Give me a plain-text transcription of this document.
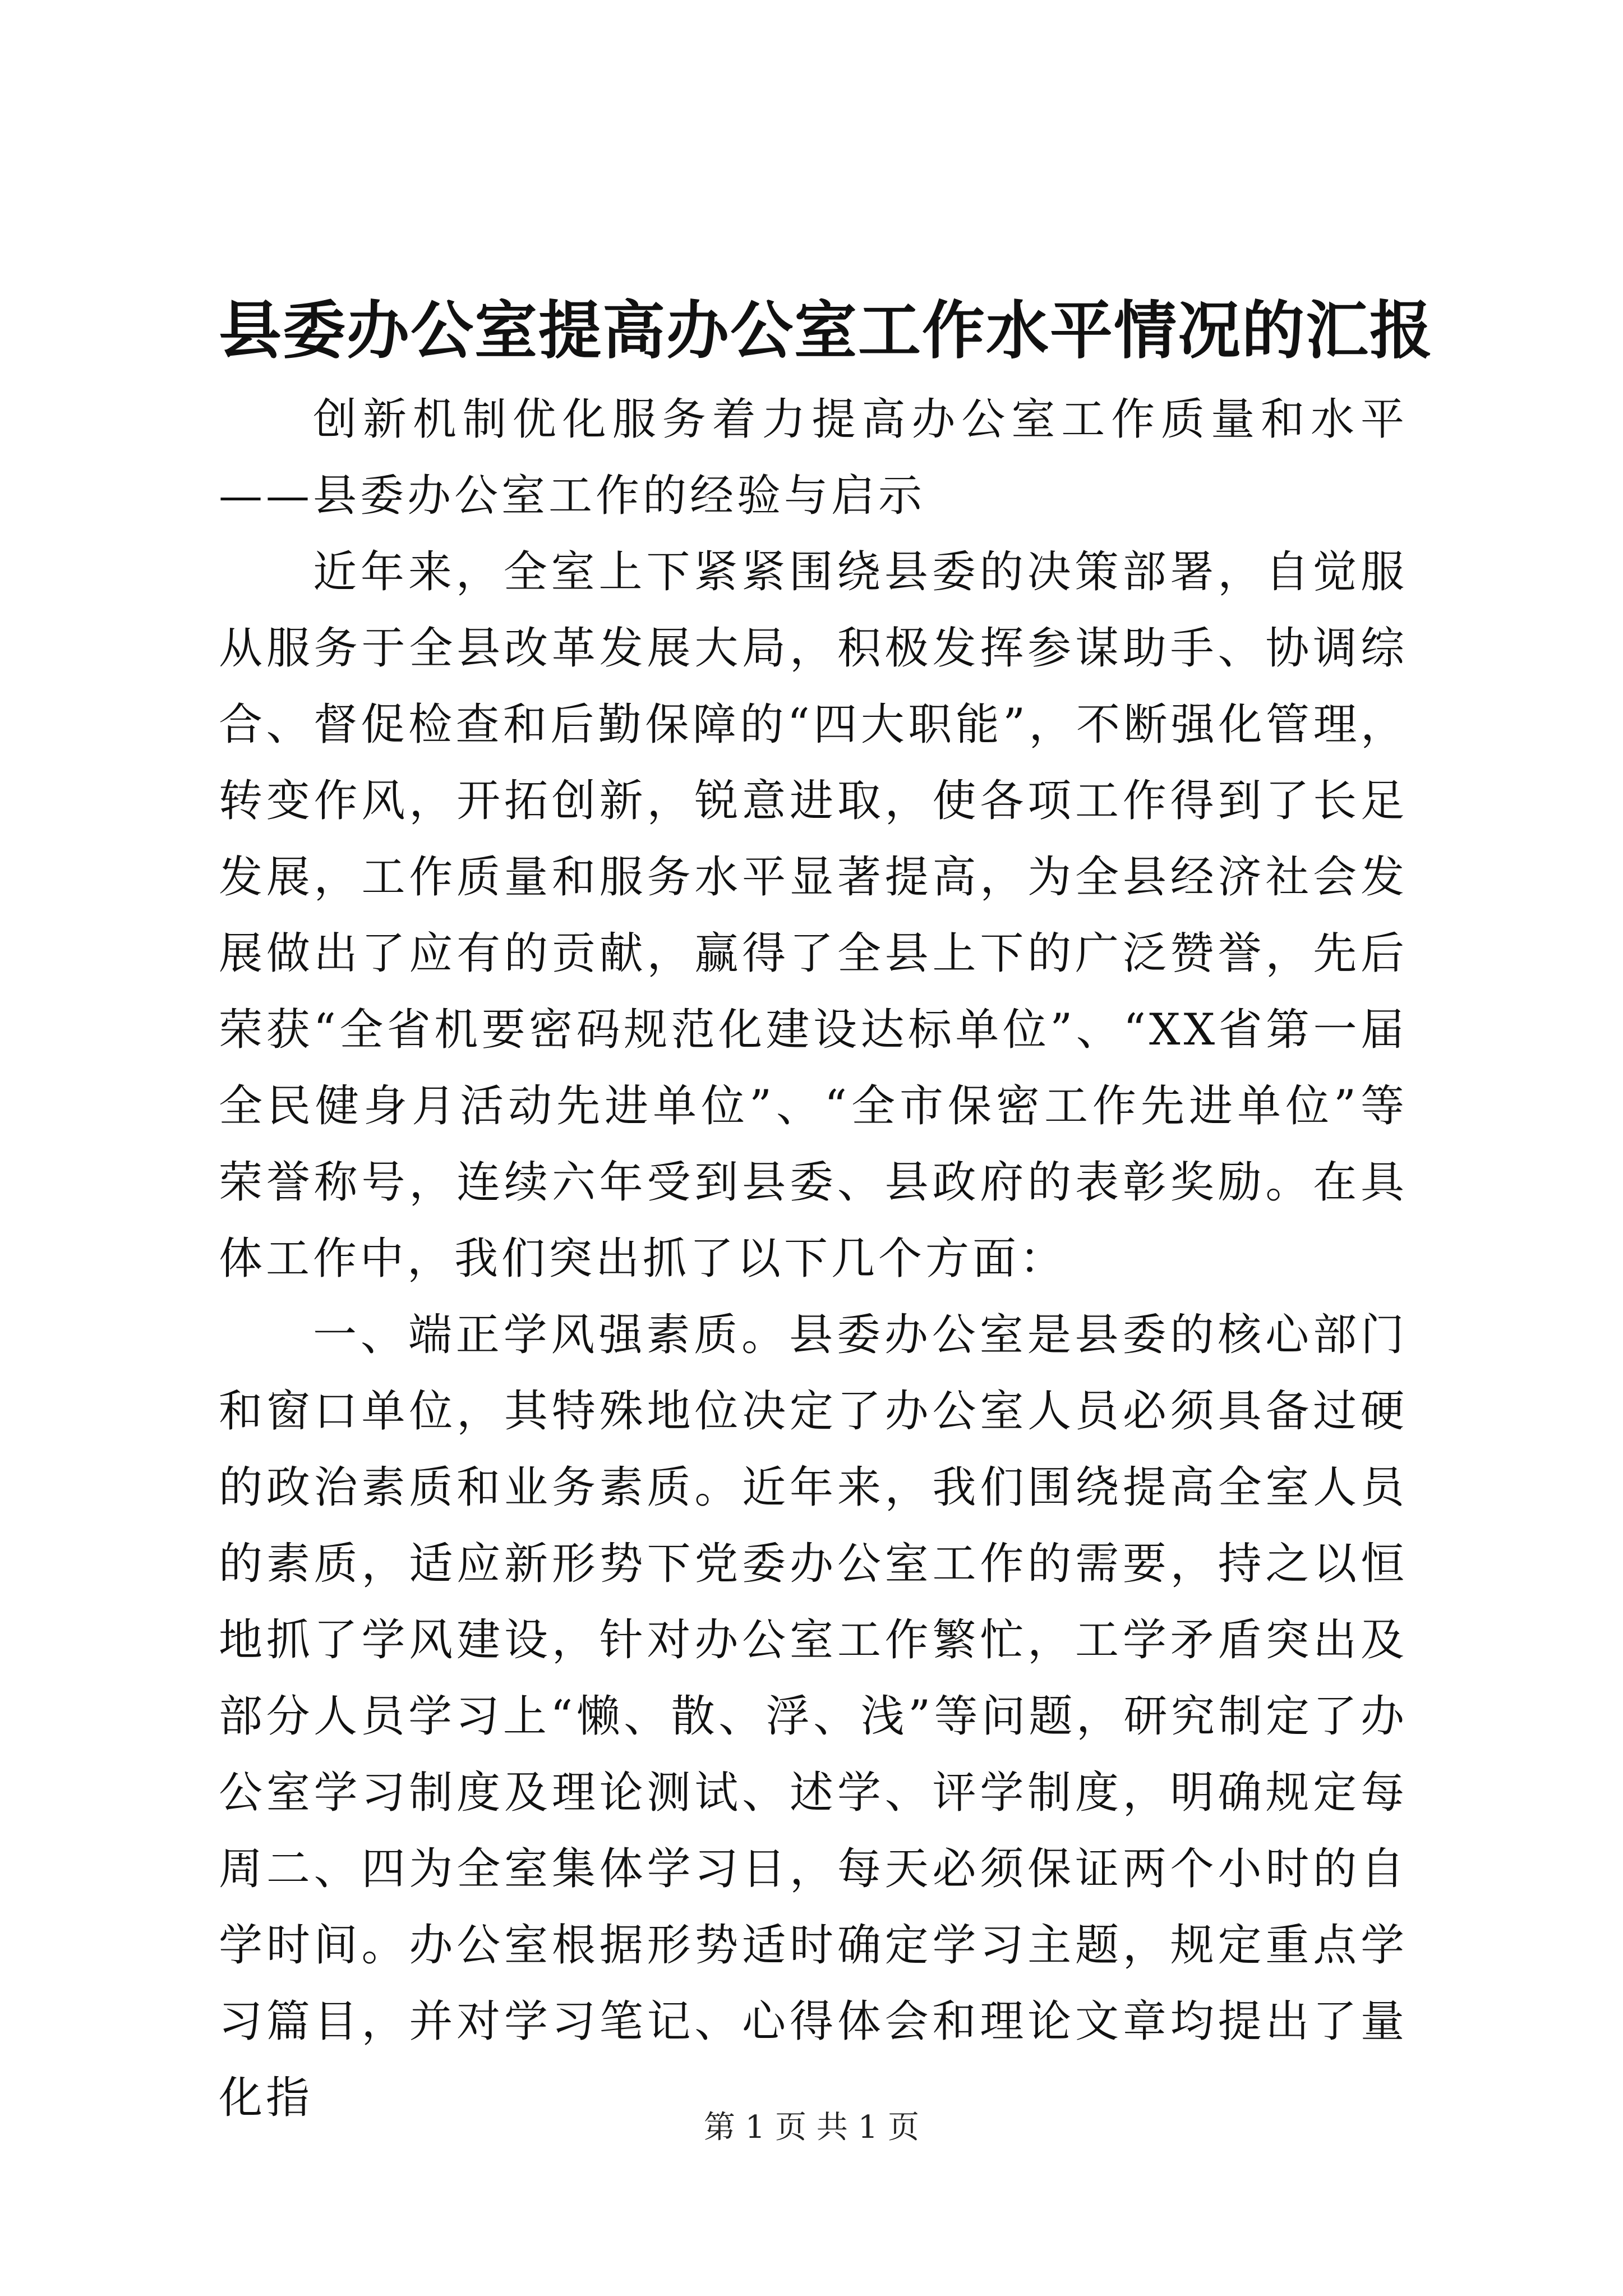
县委办公室提高办公室工作水平情况的汇报

创新机制优化服务着力提高办公室工作质量和水平——县委办公室工作的经验与启示

近年来，全室上下紧紧围绕县委的决策部署，自觉服从服务于全县改革发展大局，积极发挥参谋助手、协调综合、督促检查和后勤保障的“四大职能”，不断强化管理，转变作风，开拓创新，锐意进取，使各项工作得到了长足发展，工作质量和服务水平显著提高，为全县经济社会发展做出了应有的贡献，赢得了全县上下的广泛赞誉，先后荣获“全省机要密码规范化建设达标单位”、“XX省第一届全民健身月活动先进单位”、“全市保密工作先进单位”等荣誉称号，连续六年受到县委、县政府的表彰奖励。在具体工作中，我们突出抓了以下几个方面：

一、端正学风强素质。县委办公室是县委的核心部门和窗口单位，其特殊地位决定了办公室人员必须具备过硬的政治素质和业务素质。近年来，我们围绕提高全室人员的素质，适应新形势下党委办公室工作的需要，持之以恒地抓了学风建设，针对办公室工作繁忙，工学矛盾突出及部分人员学习上“懒、散、浮、浅”等问题，研究制定了办公室学习制度及理论测试、述学、评学制度，明确规定每周二、四为全室集体学习日，每天必须保证两个小时的自学时间。办公室根据形势适时确定学习主题，规定重点学习篇目，并对学习笔记、心得体会和理论文章均提出了量化指

第 1 页 共 1 页
